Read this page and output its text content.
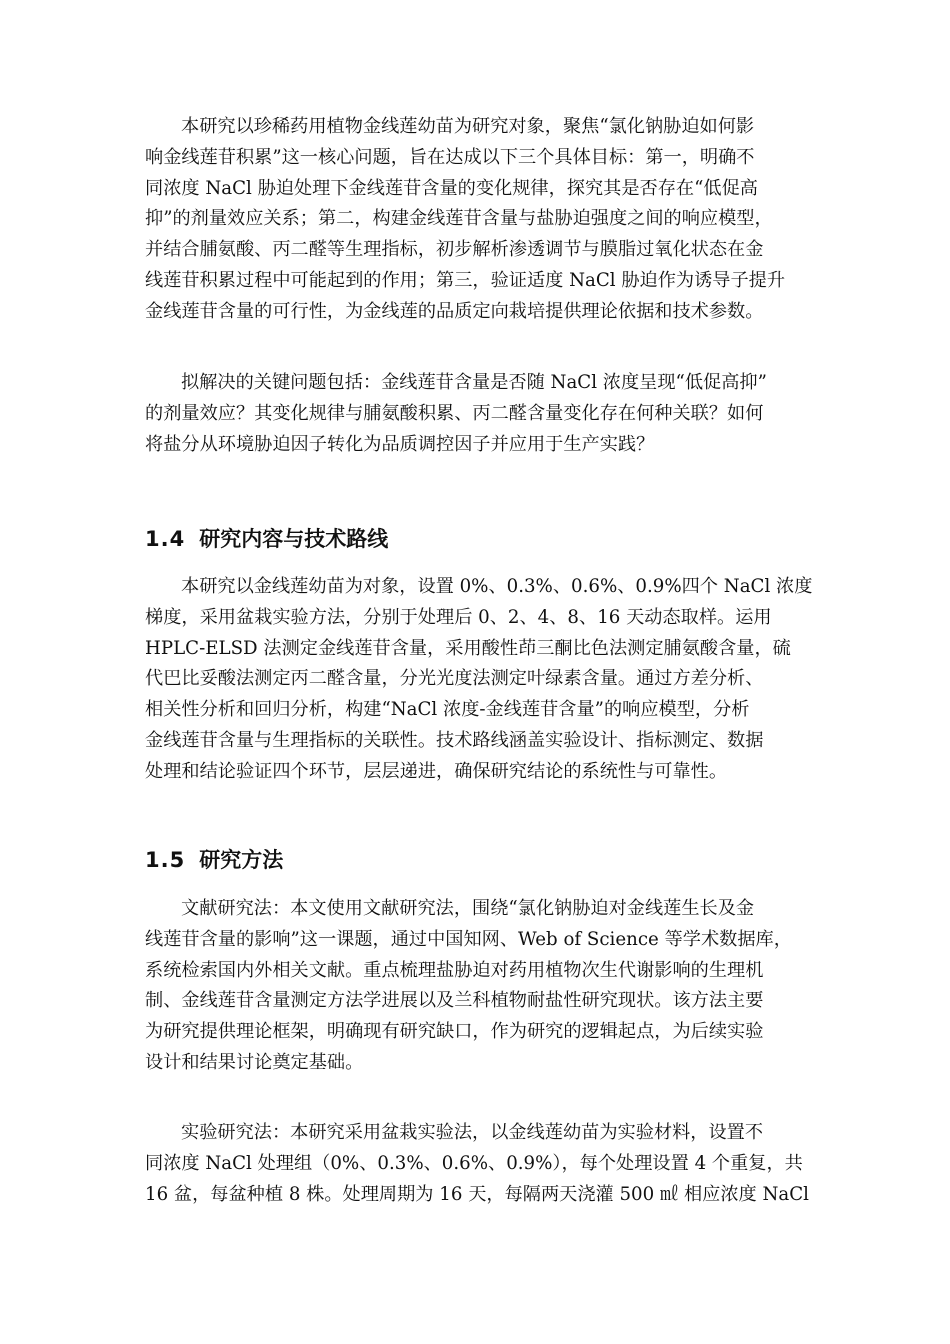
本研究以珍稀药用植物金线莲幼苗为研究对象，聚焦“氯化钠胁迫如何影
响金线莲苷积累”这一核心问题，旨在达成以下三个具体目标：第一，明确不
同浓度 NaCl 胁迫处理下金线莲苷含量的变化规律，探究其是否存在“低促高
抑”的剂量效应关系；第二，构建金线莲苷含量与盐胁迫强度之间的响应模型，
并结合脯氨酸、丙二醛等生理指标，初步解析渗透调节与膜脂过氧化状态在金
线莲苷积累过程中可能起到的作用；第三，验证适度 NaCl 胁迫作为诱导子提升
金线莲苷含量的可行性，为金线莲的品质定向栽培提供理论依据和技术参数。
拟解决的关键问题包括：金线莲苷含量是否随 NaCl 浓度呈现“低促高抑”
的剂量效应？其变化规律与脯氨酸积累、丙二醛含量变化存在何种关联？如何
将盐分从环境胁迫因子转化为品质调控因子并应用于生产实践？
1.4 研究内容与技术路线
本研究以金线莲幼苗为对象，设置 0%、0.3%、0.6%、0.9%四个 NaCl 浓度
梯度，采用盆栽实验方法，分别于处理后 0、2、4、8、16 天动态取样。运用
HPLC-ELSD 法测定金线莲苷含量，采用酸性茚三酮比色法测定脯氨酸含量，硫
代巴比妥酸法测定丙二醛含量，分光光度法测定叶绿素含量。通过方差分析、
相关性分析和回归分析，构建“NaCl 浓度-金线莲苷含量”的响应模型，分析
金线莲苷含量与生理指标的关联性。技术路线涵盖实验设计、指标测定、数据
处理和结论验证四个环节，层层递进，确保研究结论的系统性与可靠性。
1.5 研究方法
文献研究法：本文使用文献研究法，围绕“氯化钠胁迫对金线莲生长及金
线莲苷含量的影响”这一课题，通过中国知网、Web of Science 等学术数据库，
系统检索国内外相关文献。重点梳理盐胁迫对药用植物次生代谢影响的生理机
制、金线莲苷含量测定方法学进展以及兰科植物耐盐性研究现状。该方法主要
为研究提供理论框架，明确现有研究缺口，作为研究的逻辑起点，为后续实验
设计和结果讨论奠定基础。
实验研究法：本研究采用盆栽实验法，以金线莲幼苗为实验材料，设置不
同浓度 NaCl 处理组（0%、0.3%、0.6%、0.9%），每个处理设置 4 个重复，共
16 盆，每盆种植 8 株。处理周期为 16 天，每隔两天浇灌 500 ㎖ 相应浓度 NaCl
